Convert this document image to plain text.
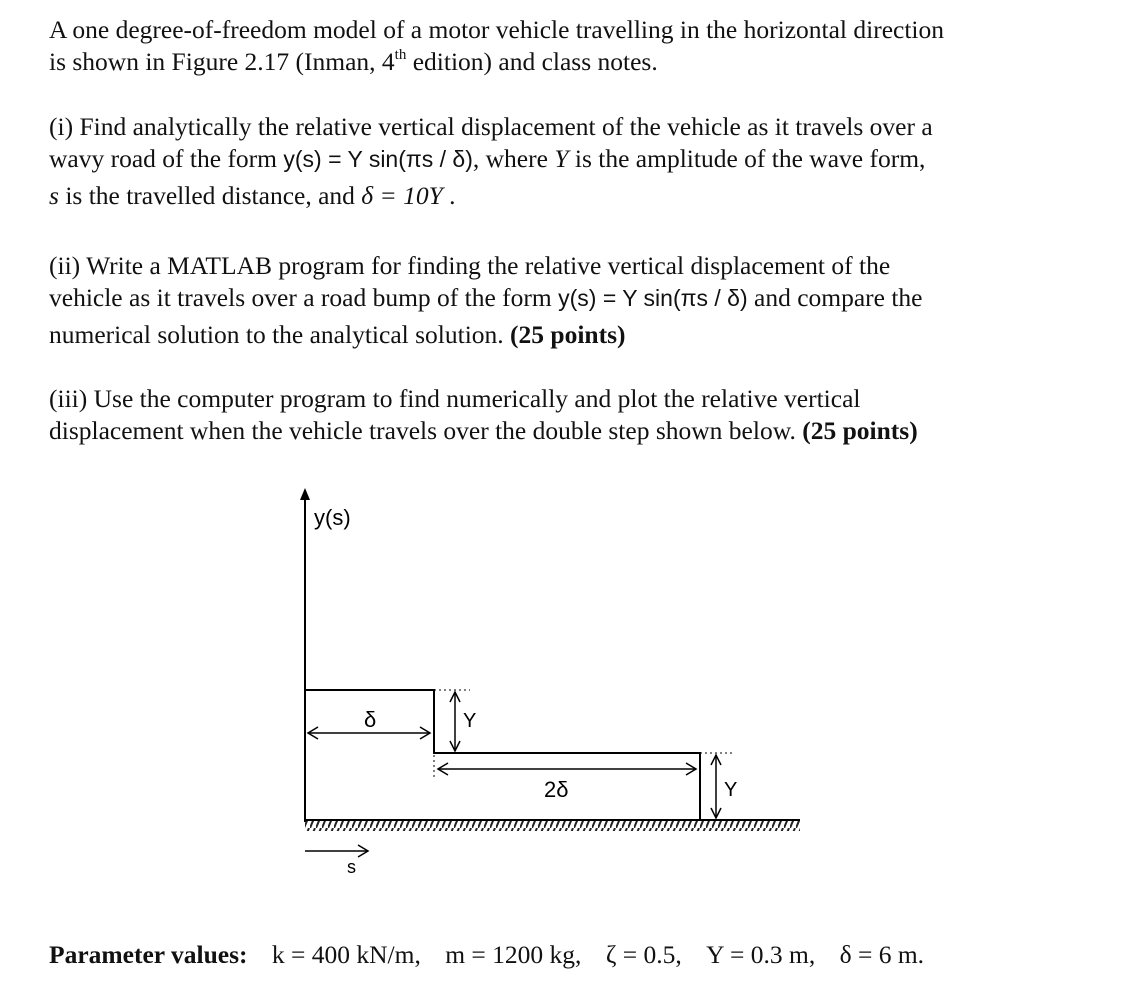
A one degree-of-freedom model of a motor vehicle travelling in the horizontal direction
is shown in Figure 2.17 (Inman, 4th edition) and class notes.
(i) Find analytically the relative vertical displacement of the vehicle as it travels over a
wavy road of the form y(s) = Y sin(πs / δ), where Y is the amplitude of the wave form,
s is the travelled distance, and δ = 10Y .
(ii) Write a MATLAB program for finding the relative vertical displacement of the
vehicle as it travels over a road bump of the form y(s) = Y sin(πs / δ) and compare the
numerical solution to the analytical solution. (25 points)
(iii) Use the computer program to find numerically and plot the relative vertical
displacement when the vehicle travels over the double step shown below. (25 points)
y(s)
δ	Y
2δ	Y
s
Parameter values: k = 400 kN/m, m = 1200 kg, ζ = 0.5, Y = 0.3 m, δ = 6 m.
